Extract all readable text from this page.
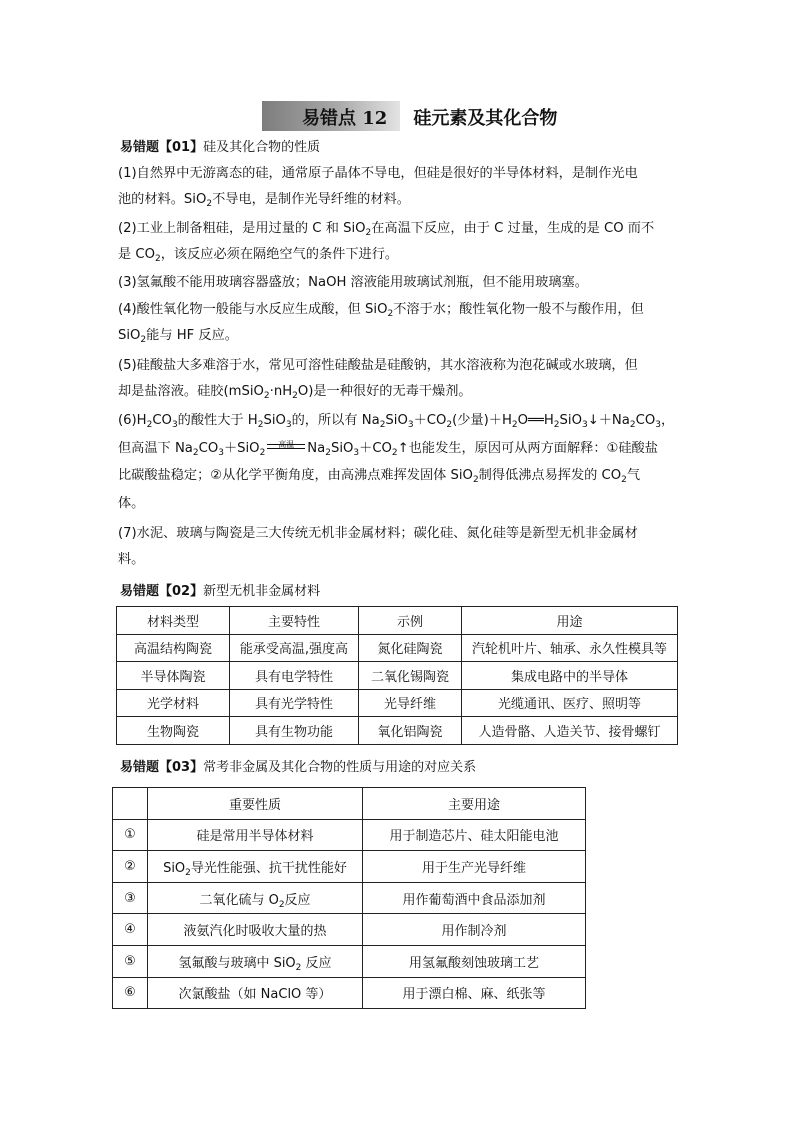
易错点 12 硅元素及其化合物
易错题【01】硅及其化合物的性质
(1)自然界中无游离态的硅，通常原子晶体不导电，但硅是很好的半导体材料，是制作光电
池的材料。SiO$_2$不导电，是制作光导纤维的材料。
(2)工业上制备粗硅，是用过量的 C 和 SiO$_2$在高温下反应，由于 C 过量，生成的是 CO 而不
是 $CO_2$，该反应必须在隔绝空气的条件下进行。
(3)氢氟酸不能用玻璃容器盛放；NaOH 溶液能用玻璃试剂瓶，但不能用玻璃塞。
(4)酸性氧化物一般能与水反应生成酸，但 SiO$_2$不溶于水；酸性氧化物一般不与酸作用，但
SiO$_2$能与 HF 反应。
(5)硅酸盐大多难溶于水，常见可溶性硅酸盐是硅酸钠，其水溶液称为泡花碱或水玻璃，但
却是盐溶液。硅胶$(mSiO_2\cdot nH_2O)$是一种很好的无毒干燥剂。
$(6)H_2CO_3$的酸性大于 $H_2SiO_3$的，所以有 $Na_2SiO_3+CO_2$(少量)$+H_2O══H_2SiO_3↓+Na_2CO_3$，
但高温下 $Na_2CO_3+SiO_2$
高温 $Na_2SiO_3+CO_2↑$也能发生，原因可从两方面解释：①硅酸盐
比碳酸盐稳定；②从化学平衡角度，由高沸点难挥发固体 SiO$_2$制得低沸点易挥发的 $CO_2$气
体。
(7)水泥、玻璃与陶瓷是三大传统无机非金属材料；碳化硅、氮化硅等是新型无机非金属材
料。
易错题【02】新型无机非金属材料
材料类型	主要特性	示例	用途
高温结构陶瓷	能承受高温,强度高	氮化硅陶瓷	汽轮机叶片、轴承、永久性模具等
半导体陶瓷	具有电学特性	二氧化锡陶瓷	集成电路中的半导体
光学材料	具有光学特性	光导纤维	光缆通讯、医疗、照明等
生物陶瓷	具有生物功能	氧化铝陶瓷	人造骨骼、人造关节、接骨螺钉
易错题【03】常考非金属及其化合物的性质与用途的对应关系
	重要性质	主要用途
①	硅是常用半导体材料	用于制造芯片、硅太阳能电池
②	SiO$_2$导光性能强、抗干扰性能好	用于生产光导纤维
③	二氧化硫与 $O_2$反应	用作葡萄酒中食品添加剂
④	液氨汽化时吸收大量的热	用作制冷剂
⑤	氢氟酸与玻璃中 SiO$_2$ 反应	用氢氟酸刻蚀玻璃工艺
⑥	次氯酸盐（如 NaClO 等）	用于漂白棉、麻、纸张等
